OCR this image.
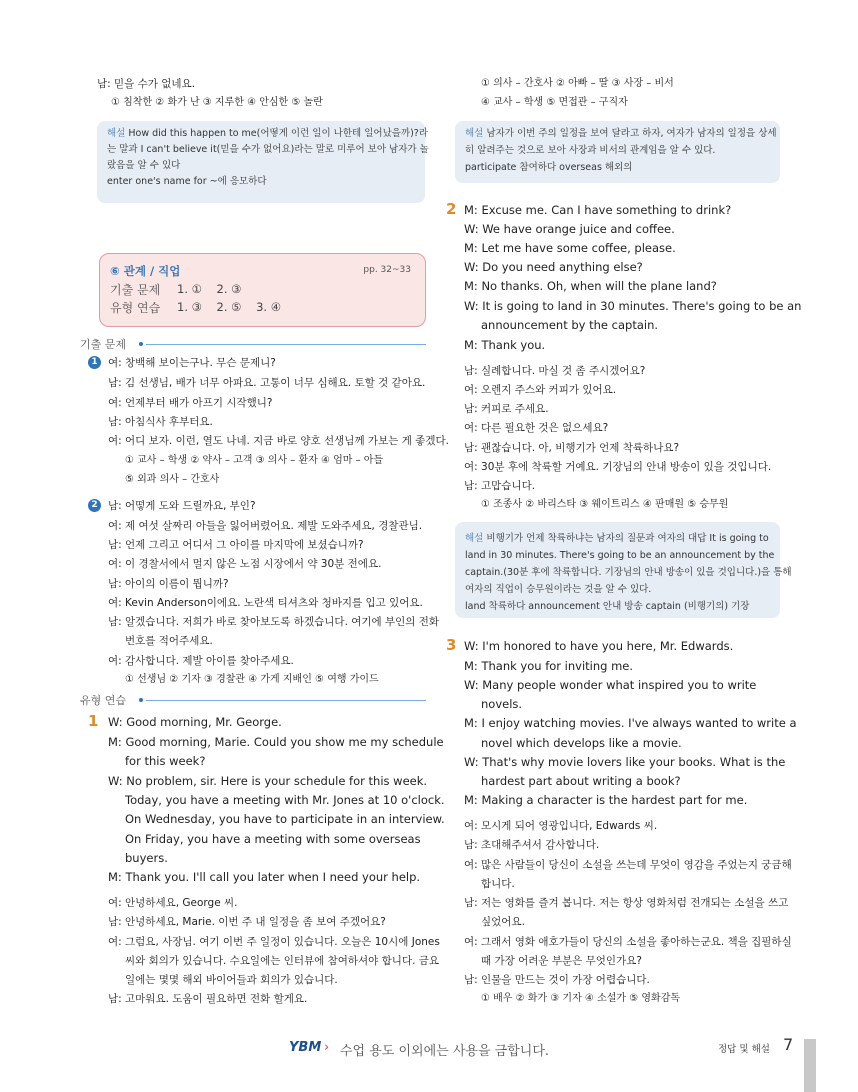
남: 믿을 수가 없네요.
① 침착한 ② 화가 난 ③ 지루한 ④ 안심한 ⑤ 놀란
해설 How did this happen to me(어떻게 이런 일이 나한테 일어났을까)?라
는 말과 I can't believe it(믿을 수가 없어요)라는 말로 미루어 보아 남자가 놀
랐음을 알 수 있다
enter one's name for ~에 응모하다
⑥ 관계 / 직업	pp. 32~33
기출 문제 1. ①    2. ③
유형 연습 1. ③    2. ⑤    3. ④
기출 문제
1 여: 창백해 보이는구나. 무슨 문제니?
남: 김 선생님, 배가 너무 아파요. 고통이 너무 심해요. 토할 것 같아요.
여: 언제부터 배가 아프기 시작했니?
남: 아침식사 후부터요.
여: 어디 보자. 이런, 열도 나네. 지금 바로 양호 선생님께 가보는 게 좋겠다.
① 교사 – 학생 ② 약사 – 고객 ③ 의사 – 환자 ④ 엄마 – 아들
⑤ 외과 의사 – 간호사
2 남: 어떻게 도와 드릴까요, 부인?
여: 제 여섯 살짜리 아들을 잃어버렸어요. 제발 도와주세요, 경찰관님.
남: 언제 그리고 어디서 그 아이를 마지막에 보셨습니까?
여: 이 경찰서에서 멀지 않은 노점 시장에서 약 30분 전에요.
남: 아이의 이름이 뭡니까?
여: Kevin Anderson이에요. 노란색 티셔츠와 청바지를 입고 있어요.
남: 알겠습니다. 저희가 바로 찾아보도록 하겠습니다. 여기에 부인의 전화
번호를 적어주세요.
여: 감사합니다. 제발 아이를 찾아주세요.
① 선생님 ② 기자 ③ 경찰관 ④ 가게 지배인 ⑤ 여행 가이드
유형 연습
1 W: Good morning, Mr. George.
M: Good morning, Marie. Could you show me my schedule
for this week?
W: No problem, sir. Here is your schedule for this week.
Today, you have a meeting with Mr. Jones at 10 o'clock.
On Wednesday, you have to participate in an interview.
On Friday, you have a meeting with some overseas
buyers.
M: Thank you. I'll call you later when I need your help.
여: 안녕하세요, George 씨.
남: 안녕하세요, Marie. 이번 주 내 일정을 좀 보여 주겠어요?
여: 그럼요, 사장님. 여기 이번 주 일정이 있습니다. 오늘은 10시에 Jones
씨와 회의가 있습니다. 수요일에는 인터뷰에 참여하셔야 합니다. 금요
일에는 몇몇 해외 바이어들과 회의가 있습니다.
남: 고마워요. 도움이 필요하면 전화 할게요.
① 의사 – 간호사 ② 아빠 – 딸 ③ 사장 – 비서
④ 교사 – 학생 ⑤ 면접관 – 구직자
해설 남자가 이번 주의 일정을 보여 달라고 하자, 여자가 남자의 일정을 상세
히 알려주는 것으로 보아 사장과 비서의 관계임을 알 수 있다.
participate 참여하다 overseas 해외의
2 M: Excuse me. Can I have something to drink?
W: We have orange juice and coffee.
M: Let me have some coffee, please.
W: Do you need anything else?
M: No thanks. Oh, when will the plane land?
W: It is going to land in 30 minutes. There's going to be an
announcement by the captain.
M: Thank you.
남: 실례합니다. 마실 것 좀 주시겠어요?
여: 오렌지 주스와 커피가 있어요.
남: 커피로 주세요.
여: 다른 필요한 것은 없으세요?
남: 괜찮습니다. 아, 비행기가 언제 착륙하나요?
여: 30분 후에 착륙할 거예요. 기장님의 안내 방송이 있을 것입니다.
남: 고맙습니다.
① 조종사 ② 바리스타 ③ 웨이트리스 ④ 판매원 ⑤ 승무원
해설 비행기가 언제 착륙하냐는 남자의 질문과 여자의 대답 It is going to
land in 30 minutes. There's going to be an announcement by the
captain.(30분 후에 착륙합니다. 기장님의 안내 방송이 있을 것입니다.)을 통해
여자의 직업이 승무원이라는 것을 알 수 있다.
land 착륙하다 announcement 안내 방송 captain (비행기의) 기장
3 W: I'm honored to have you here, Mr. Edwards.
M: Thank you for inviting me.
W: Many people wonder what inspired you to write
novels.
M: I enjoy watching movies. I've always wanted to write a
novel which develops like a movie.
W: That's why movie lovers like your books. What is the
hardest part about writing a book?
M: Making a character is the hardest part for me.
여: 모시게 되어 영광입니다, Edwards 씨.
남: 초대해주셔서 감사합니다.
여: 많은 사람들이 당신이 소설을 쓰는데 무엇이 영감을 주었는지 궁금해
합니다.
남: 저는 영화를 즐겨 봅니다. 저는 항상 영화처럼 전개되는 소설을 쓰고
싶었어요.
여: 그래서 영화 애호가들이 당신의 소설을 좋아하는군요. 책을 집필하실
때 가장 어려운 부분은 무엇인가요?
남: 인물을 만드는 것이 가장 어렵습니다.
① 배우 ② 화가 ③ 기자 ④ 소설가 ⑤ 영화감독
YBM › 수업 용도 이외에는 사용을 금합니다.	정답 및 해설 7
